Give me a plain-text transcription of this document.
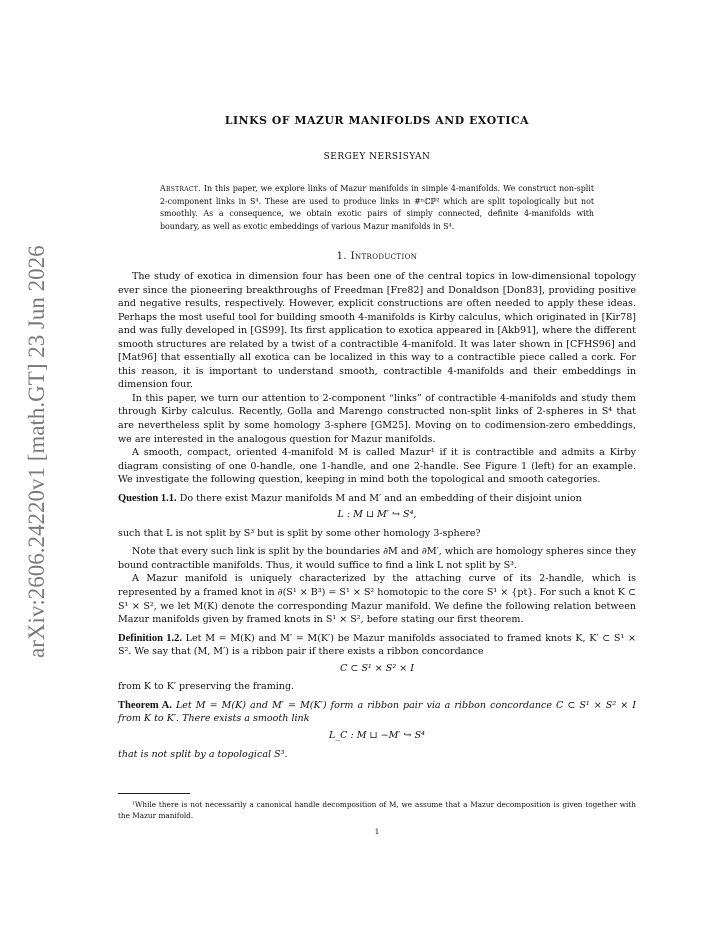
arXiv:2606.24220v1 [math.GT] 23 Jun 2026
LINKS OF MAZUR MANIFOLDS AND EXOTICA
SERGEY NERSISYAN
Abstract. In this paper, we explore links of Mazur manifolds in simple 4-manifolds. We construct non-split 2-component links in S⁴. These are used to produce links in #ⁿℂℙ² which are split topologically but not smoothly. As a consequence, we obtain exotic pairs of simply connected, definite 4-manifolds with boundary, as well as exotic embeddings of various Mazur manifolds in S⁴.
1. Introduction

The study of exotica in dimension four has been one of the central topics in low-dimensional topology ever since the pioneering breakthroughs of Freedman [Fre82] and Donaldson [Don83], providing positive and negative results, respectively. However, explicit constructions are often needed to apply these ideas. Perhaps the most useful tool for building smooth 4-manifolds is Kirby calculus, which originated in [Kir78] and was fully developed in [GS99]. Its first application to exotica appeared in [Akb91], where the different smooth structures are related by a twist of a contractible 4-manifold. It was later shown in [CFHS96] and [Mat96] that essentially all exotica can be localized in this way to a contractible piece called a cork. For this reason, it is important to understand smooth, contractible 4-manifolds and their embeddings in dimension four.

In this paper, we turn our attention to 2-component “links” of contractible 4-manifolds and study them through Kirby calculus. Recently, Golla and Marengo constructed non-split links of 2-spheres in S⁴ that are nevertheless split by some homology 3-sphere [GM25]. Moving on to codimension-zero embeddings, we are interested in the analogous question for Mazur manifolds.

A smooth, compact, oriented 4-manifold M is called Mazur¹ if it is contractible and admits a Kirby diagram consisting of one 0-handle, one 1-handle, and one 2-handle. See Figure 1 (left) for an example. We investigate the following question, keeping in mind both the topological and smooth categories.

Question 1.1. Do there exist Mazur manifolds M and M′ and an embedding of their disjoint union

L : M ⊔ M′ ↪ S⁴,

such that L is not split by S³ but is split by some other homology 3-sphere?

Note that every such link is split by the boundaries ∂M and ∂M′, which are homology spheres since they bound contractible manifolds. Thus, it would suffice to find a link L not split by S³.

A Mazur manifold is uniquely characterized by the attaching curve of its 2-handle, which is represented by a framed knot in ∂(S¹ × B³) = S¹ × S² homotopic to the core S¹ × {pt}. For such a knot K ⊂ S¹ × S², we let M(K) denote the corresponding Mazur manifold. We define the following relation between Mazur manifolds given by framed knots in S¹ × S², before stating our first theorem.

Definition 1.2. Let M = M(K) and M′ = M(K′) be Mazur manifolds associated to framed knots K, K′ ⊂ S¹ × S². We say that (M, M′) is a ribbon pair if there exists a ribbon concordance

C ⊂ S¹ × S² × I

from K to K′ preserving the framing.

Theorem A. Let M = M(K) and M′ = M(K′) form a ribbon pair via a ribbon concordance C ⊂ S¹ × S² × I from K to K′. There exists a smooth link

L_C : M ⊔ −M′ ↪ S⁴

that is not split by a topological S³.

¹While there is not necessarily a canonical handle decomposition of M, we assume that a Mazur decomposition is given together with the Mazur manifold.
1
